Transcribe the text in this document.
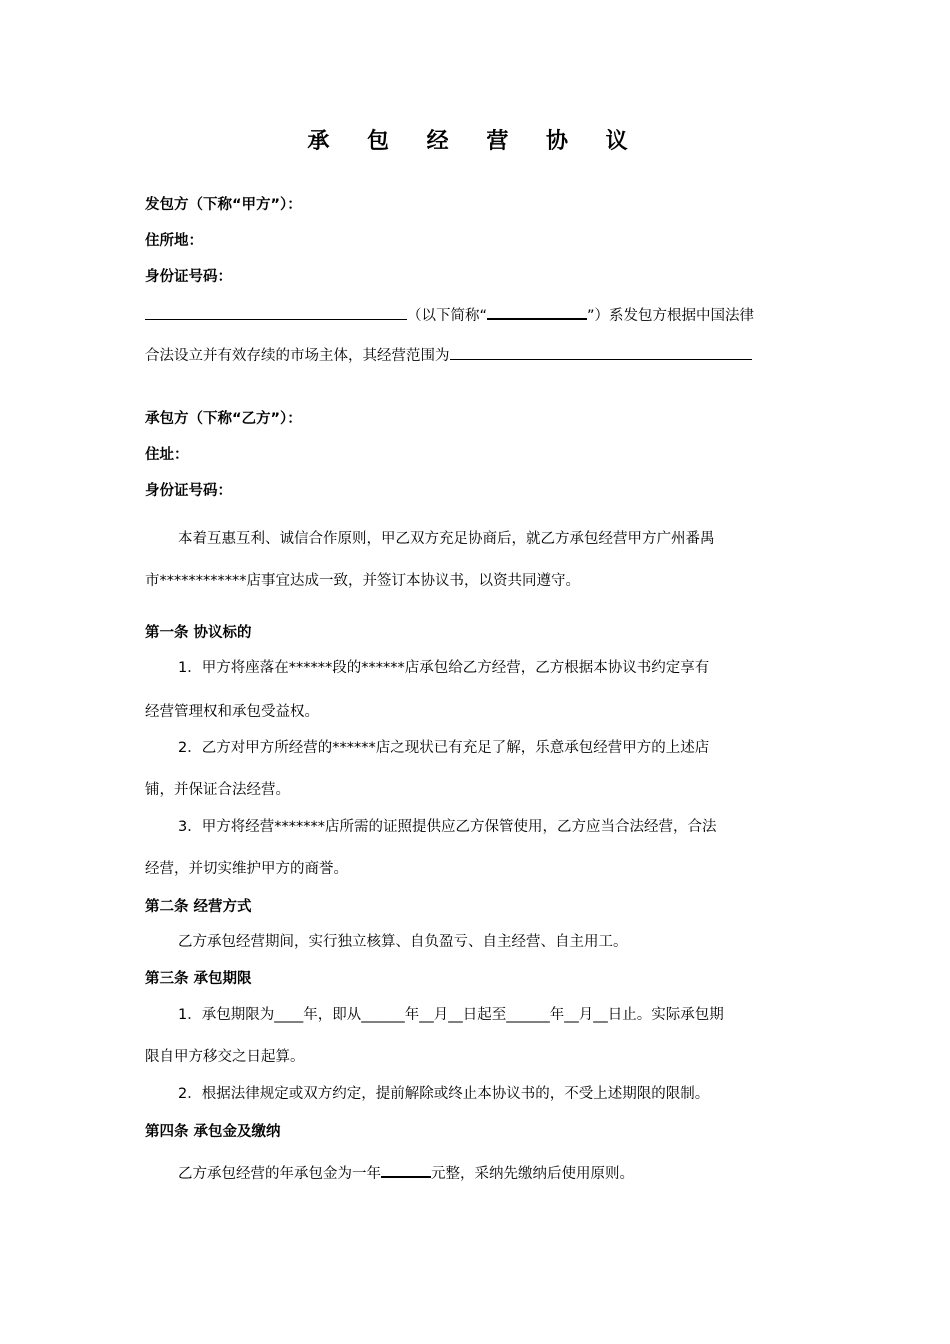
承 包 经 营 协 议
发包方（下称“甲方”）：
住所地：
身份证号码：
（以下简称“	”）系发包方根据中国法律
合法设立并有效存续的市场主体，其经营范围为
承包方（下称“乙方”）：
住址：
身份证号码：
本着互惠互利、诚信合作原则，甲乙双方充足协商后，就乙方承包经营甲方广州番禺
市************店事宜达成一致，并签订本协议书，以资共同遵守。
第一条 协议标的
1．甲方将座落在******段的******店承包给乙方经营，乙方根据本协议书约定享有
经营管理权和承包受益权。
2．乙方对甲方所经营的******店之现状已有充足了解，乐意承包经营甲方的上述店
铺，并保证合法经营。
3．甲方将经营*******店所需的证照提供应乙方保管使用，乙方应当合法经营，合法
经营，并切实维护甲方的商誉。
第二条 经营方式
乙方承包经营期间，实行独立核算、自负盈亏、自主经营、自主用工。
第三条 承包期限
1．承包期限为____年，即从______年__月__日起至______年__月__日止。实际承包期
限自甲方移交之日起算。
2．根据法律规定或双方约定，提前解除或终止本协议书的，不受上述期限的限制。
第四条 承包金及缴纳
乙方承包经营的年承包金为一年	元整，采纳先缴纳后使用原则。
